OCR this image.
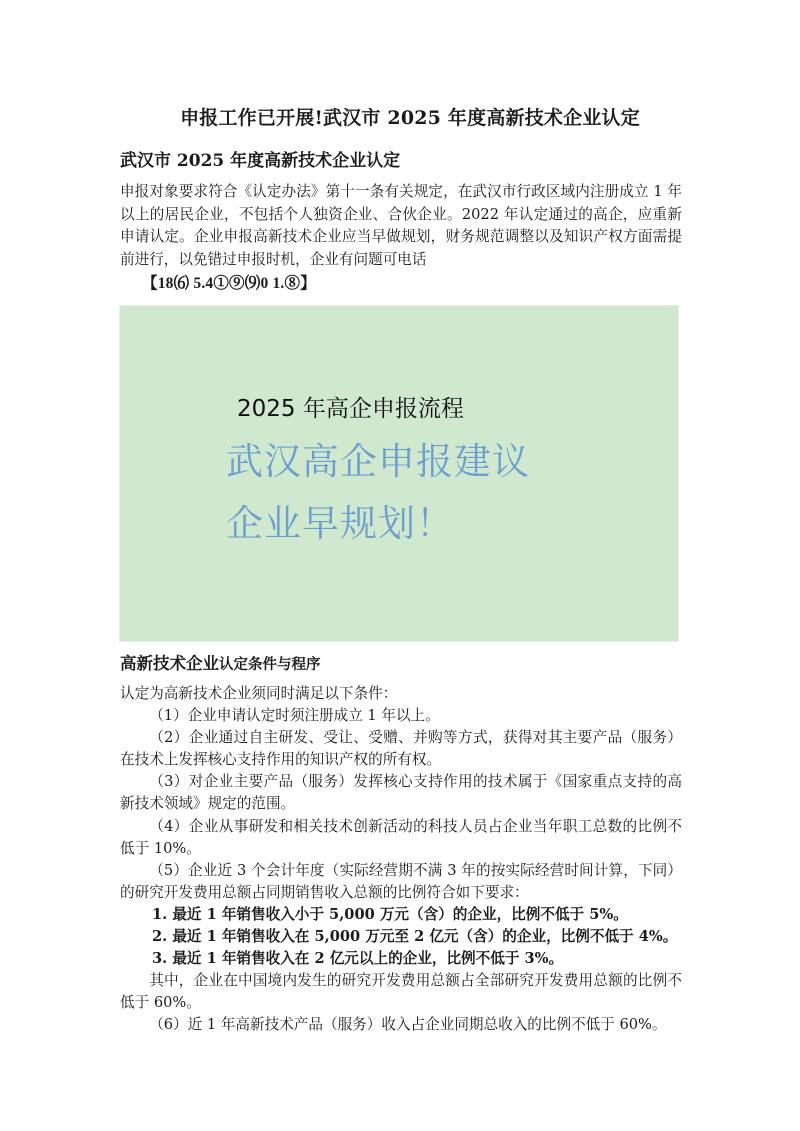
申报工作已开展!武汉市 2025 年度高新技术企业认定
武汉市 2025 年度高新技术企业认定

申报对象要求符合《认定办法》第十一条有关规定，在武汉市行政区域内注册成立 1 年以上的居民企业，不包括个人独资企业、合伙企业。2022 年认定通过的高企，应重新申请认定。企业申报高新技术企业应当早做规划，财务规范调整以及知识产权方面需提前进行，以免错过申报时机，企业有问题可电话

【18⑹ 5.4①⑨⑼0 1.⑧】
2025 年高企申报流程
武汉高企申报建议
企业早规划！
高新技术企业认定条件与程序

认定为高新技术企业须同时满足以下条件：

（1）企业申请认定时须注册成立 1 年以上。

（2）企业通过自主研发、受让、受赠、并购等方式，获得对其主要产品（服务）在技术上发挥核心支持作用的知识产权的所有权。

（3）对企业主要产品（服务）发挥核心支持作用的技术属于《国家重点支持的高新技术领域》规定的范围。

（4）企业从事研发和相关技术创新活动的科技人员占企业当年职工总数的比例不低于 10%。

（5）企业近 3 个会计年度（实际经营期不满 3 年的按实际经营时间计算，下同）的研究开发费用总额占同期销售收入总额的比例符合如下要求：

1. 最近 1 年销售收入小于 5,000 万元（含）的企业，比例不低于 5%。

2. 最近 1 年销售收入在 5,000 万元至 2 亿元（含）的企业，比例不低于 4%。

3. 最近 1 年销售收入在 2 亿元以上的企业，比例不低于 3%。

其中，企业在中国境内发生的研究开发费用总额占全部研究开发费用总额的比例不低于 60%。

（6）近 1 年高新技术产品（服务）收入占企业同期总收入的比例不低于 60%。
